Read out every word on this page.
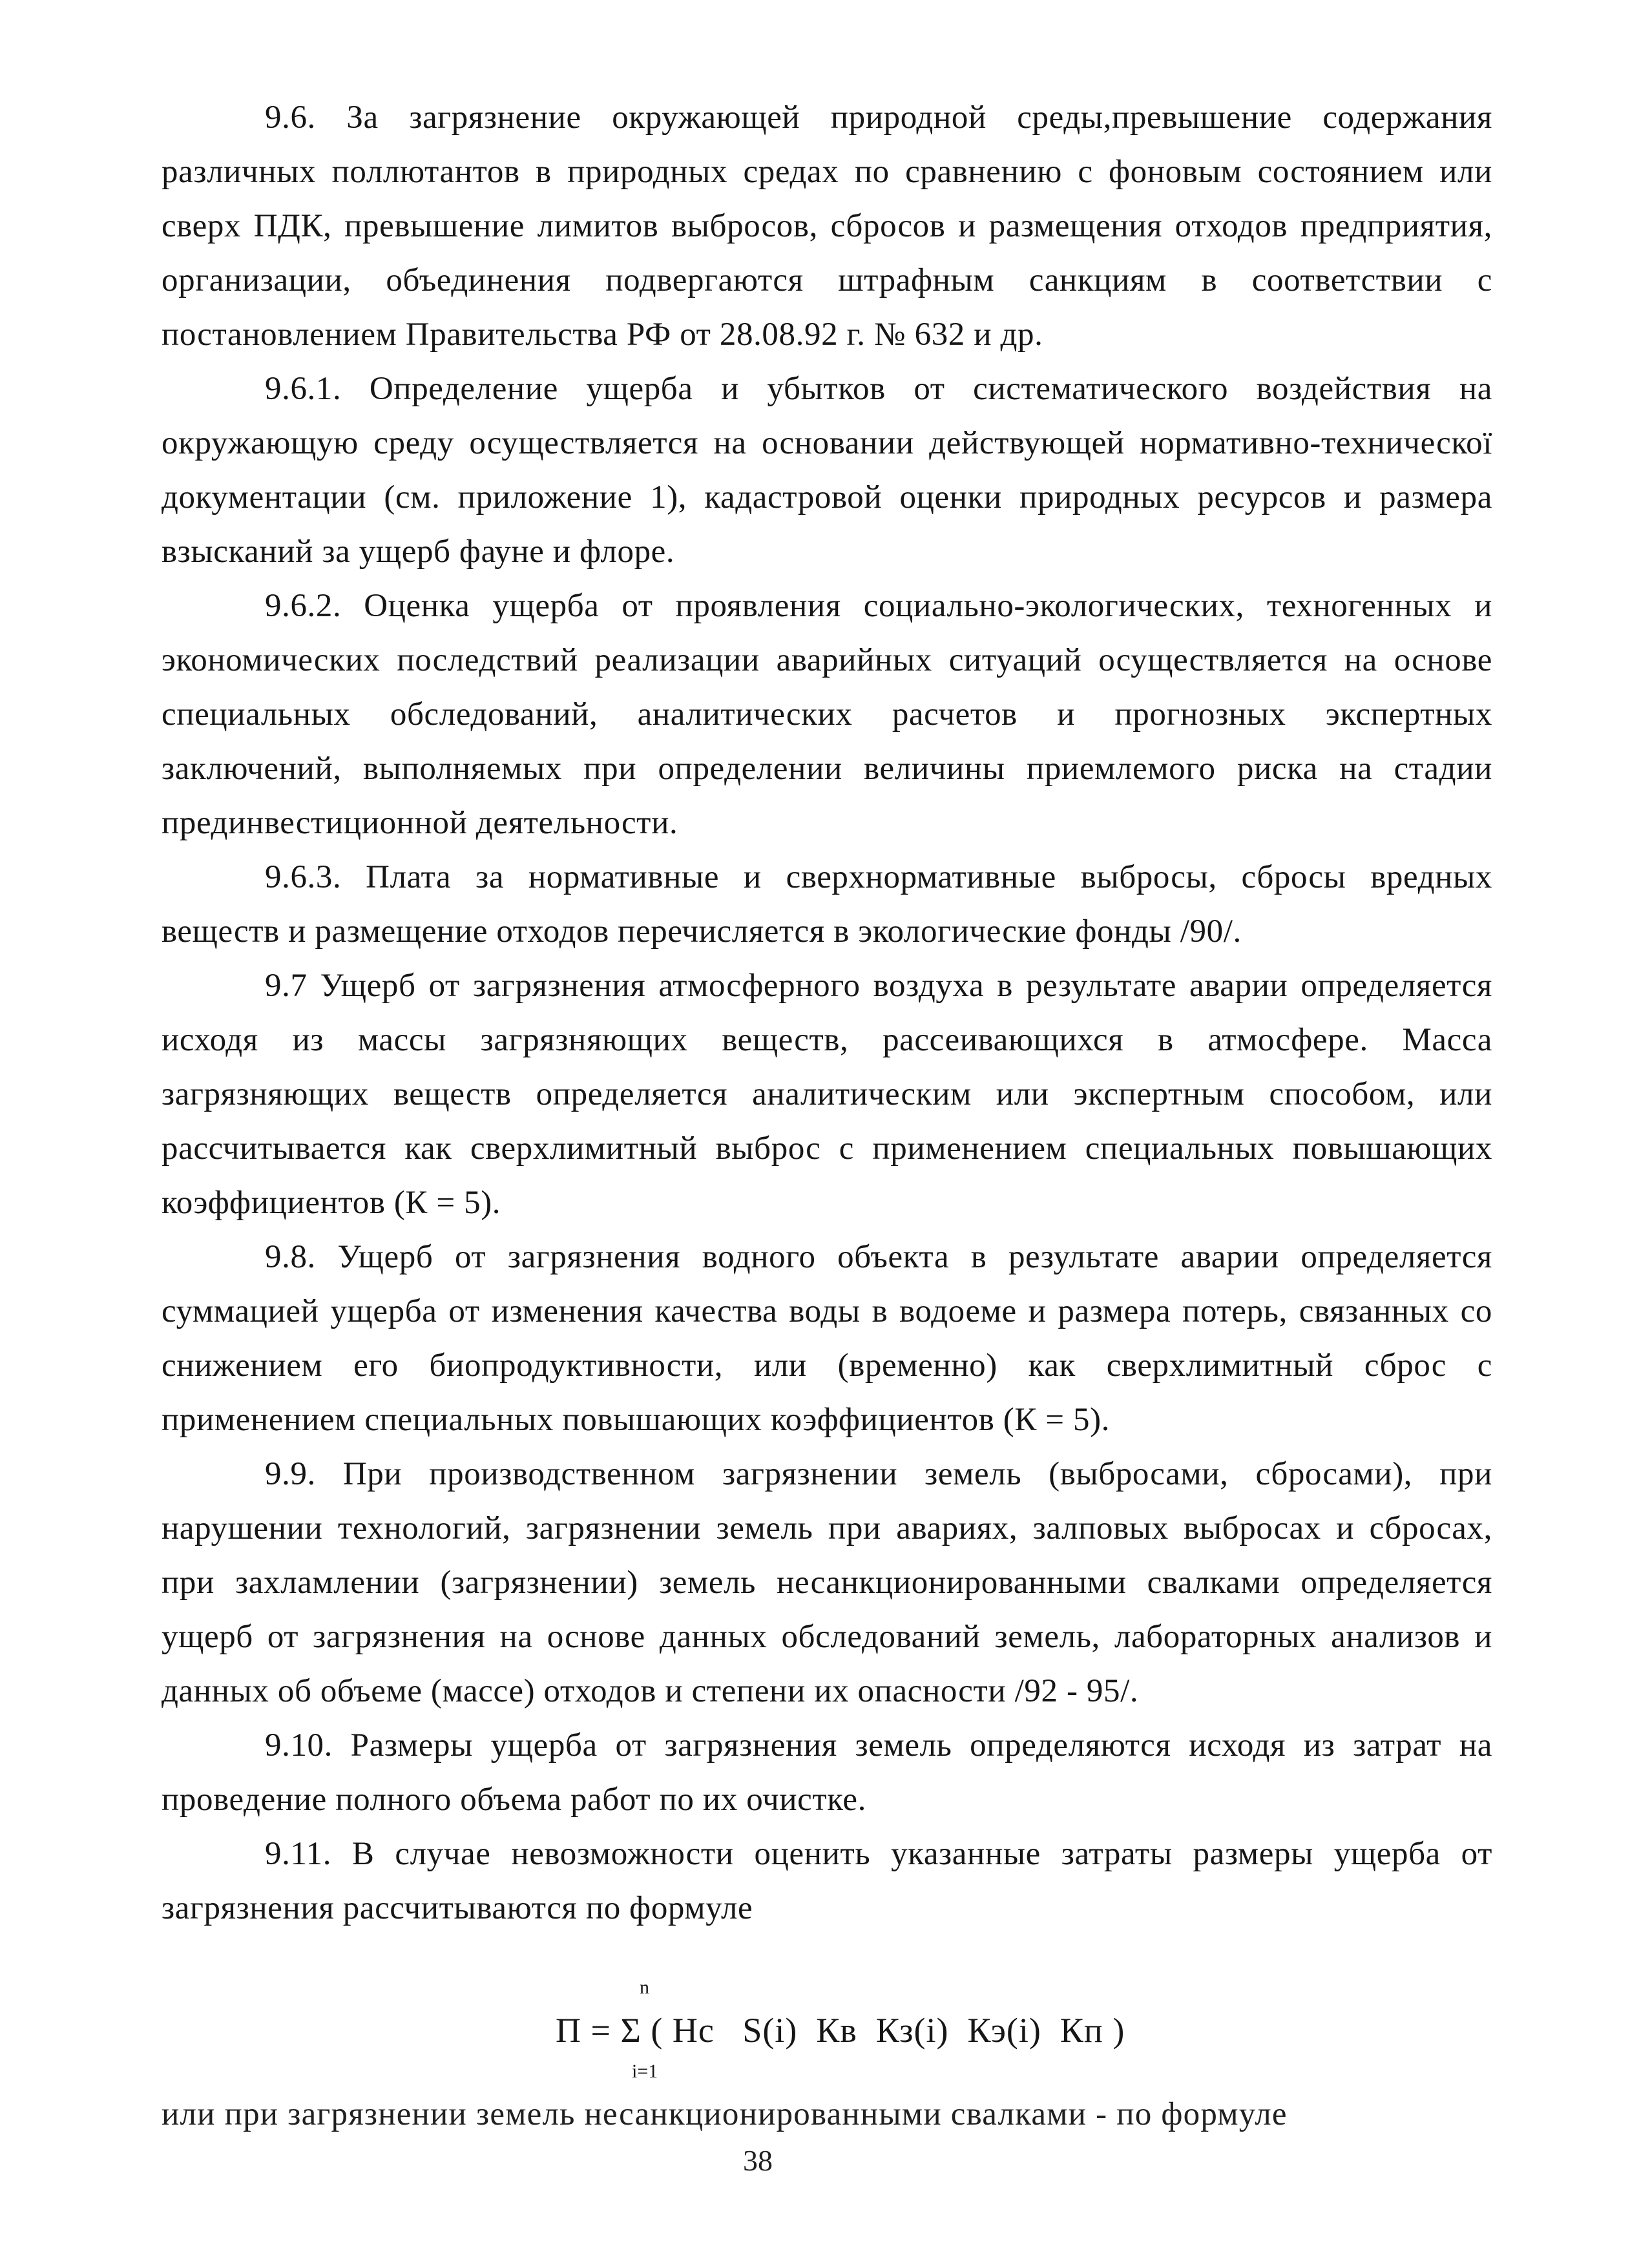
9.6. За загрязнение окружающей природной среды,превышение содержания различных поллютантов в природных средах по сравнению с фоновым состоянием или сверх ПДК, превышение лимитов выбросов, сбросов и размещения отходов предприятия, организации, объединения подвергаются штрафным санкциям в соответствии с постановлением Правительства РФ от 28.08.92 г. № 632 и др.

9.6.1. Определение ущерба и убытков от систематического воздействия на окружающую среду осуществляется на основании действующей нормативно-техническої документации (см. приложение 1), кадастровой оценки природных ресурсов и размера взысканий за ущерб фауне и флоре.

9.6.2. Оценка ущерба от проявления социально-экологических, техногенных и экономических последствий реализации аварийных ситуаций осуществляется на основе специальных обследований, аналитических расчетов и прогнозных экспертных заключений, выполняемых при определении величины приемлемого риска на стадии прединвестиционной деятельности.

9.6.3. Плата за нормативные и сверхнормативные выбросы, сбросы вредных веществ и размещение отходов перечисляется в экологические фонды /90/.

9.7 Ущерб от загрязнения атмосферного воздуха в результате аварии определяется исходя из массы загрязняющих веществ, рассеивающихся в атмосфере. Масса загрязняющих веществ определяется аналитическим или экспертным способом, или рассчитывается как сверхлимитный выброс с применением специальных повышающих коэффициентов (К = 5).

9.8. Ущерб от загрязнения водного объекта в результате аварии определяется суммацией ущерба от изменения качества воды в водоеме и размера потерь, связанных со снижением его биопродуктивности, или (временно) как сверхлимитный сброс с применением специальных повышающих коэффициентов (К = 5).

9.9. При производственном загрязнении земель (выбросами, сбросами), при нарушении технологий, загрязнении земель при авариях, залповых выбросах и сбросах, при захламлении (загрязнении) земель несанкционированными свалками определяется ущерб от загрязнения на основе данных обследований земель, лабораторных анализов и данных об объеме (массе) отходов и степени их опасности /92 - 95/.

9.10. Размеры ущерба от загрязнения земель определяются исходя из затрат на проведение полного объема работ по их очистке.

9.11. В случае невозможности оценить указанные затраты размеры ущерба от загрязнения рассчитываются по формуле

n
П = Σ ( Нс   S(i)  Кв  Кз(i)  Кэ(i)  Кп )
i=1
или при загрязнении земель несанкционированными свалками - по формуле
38
